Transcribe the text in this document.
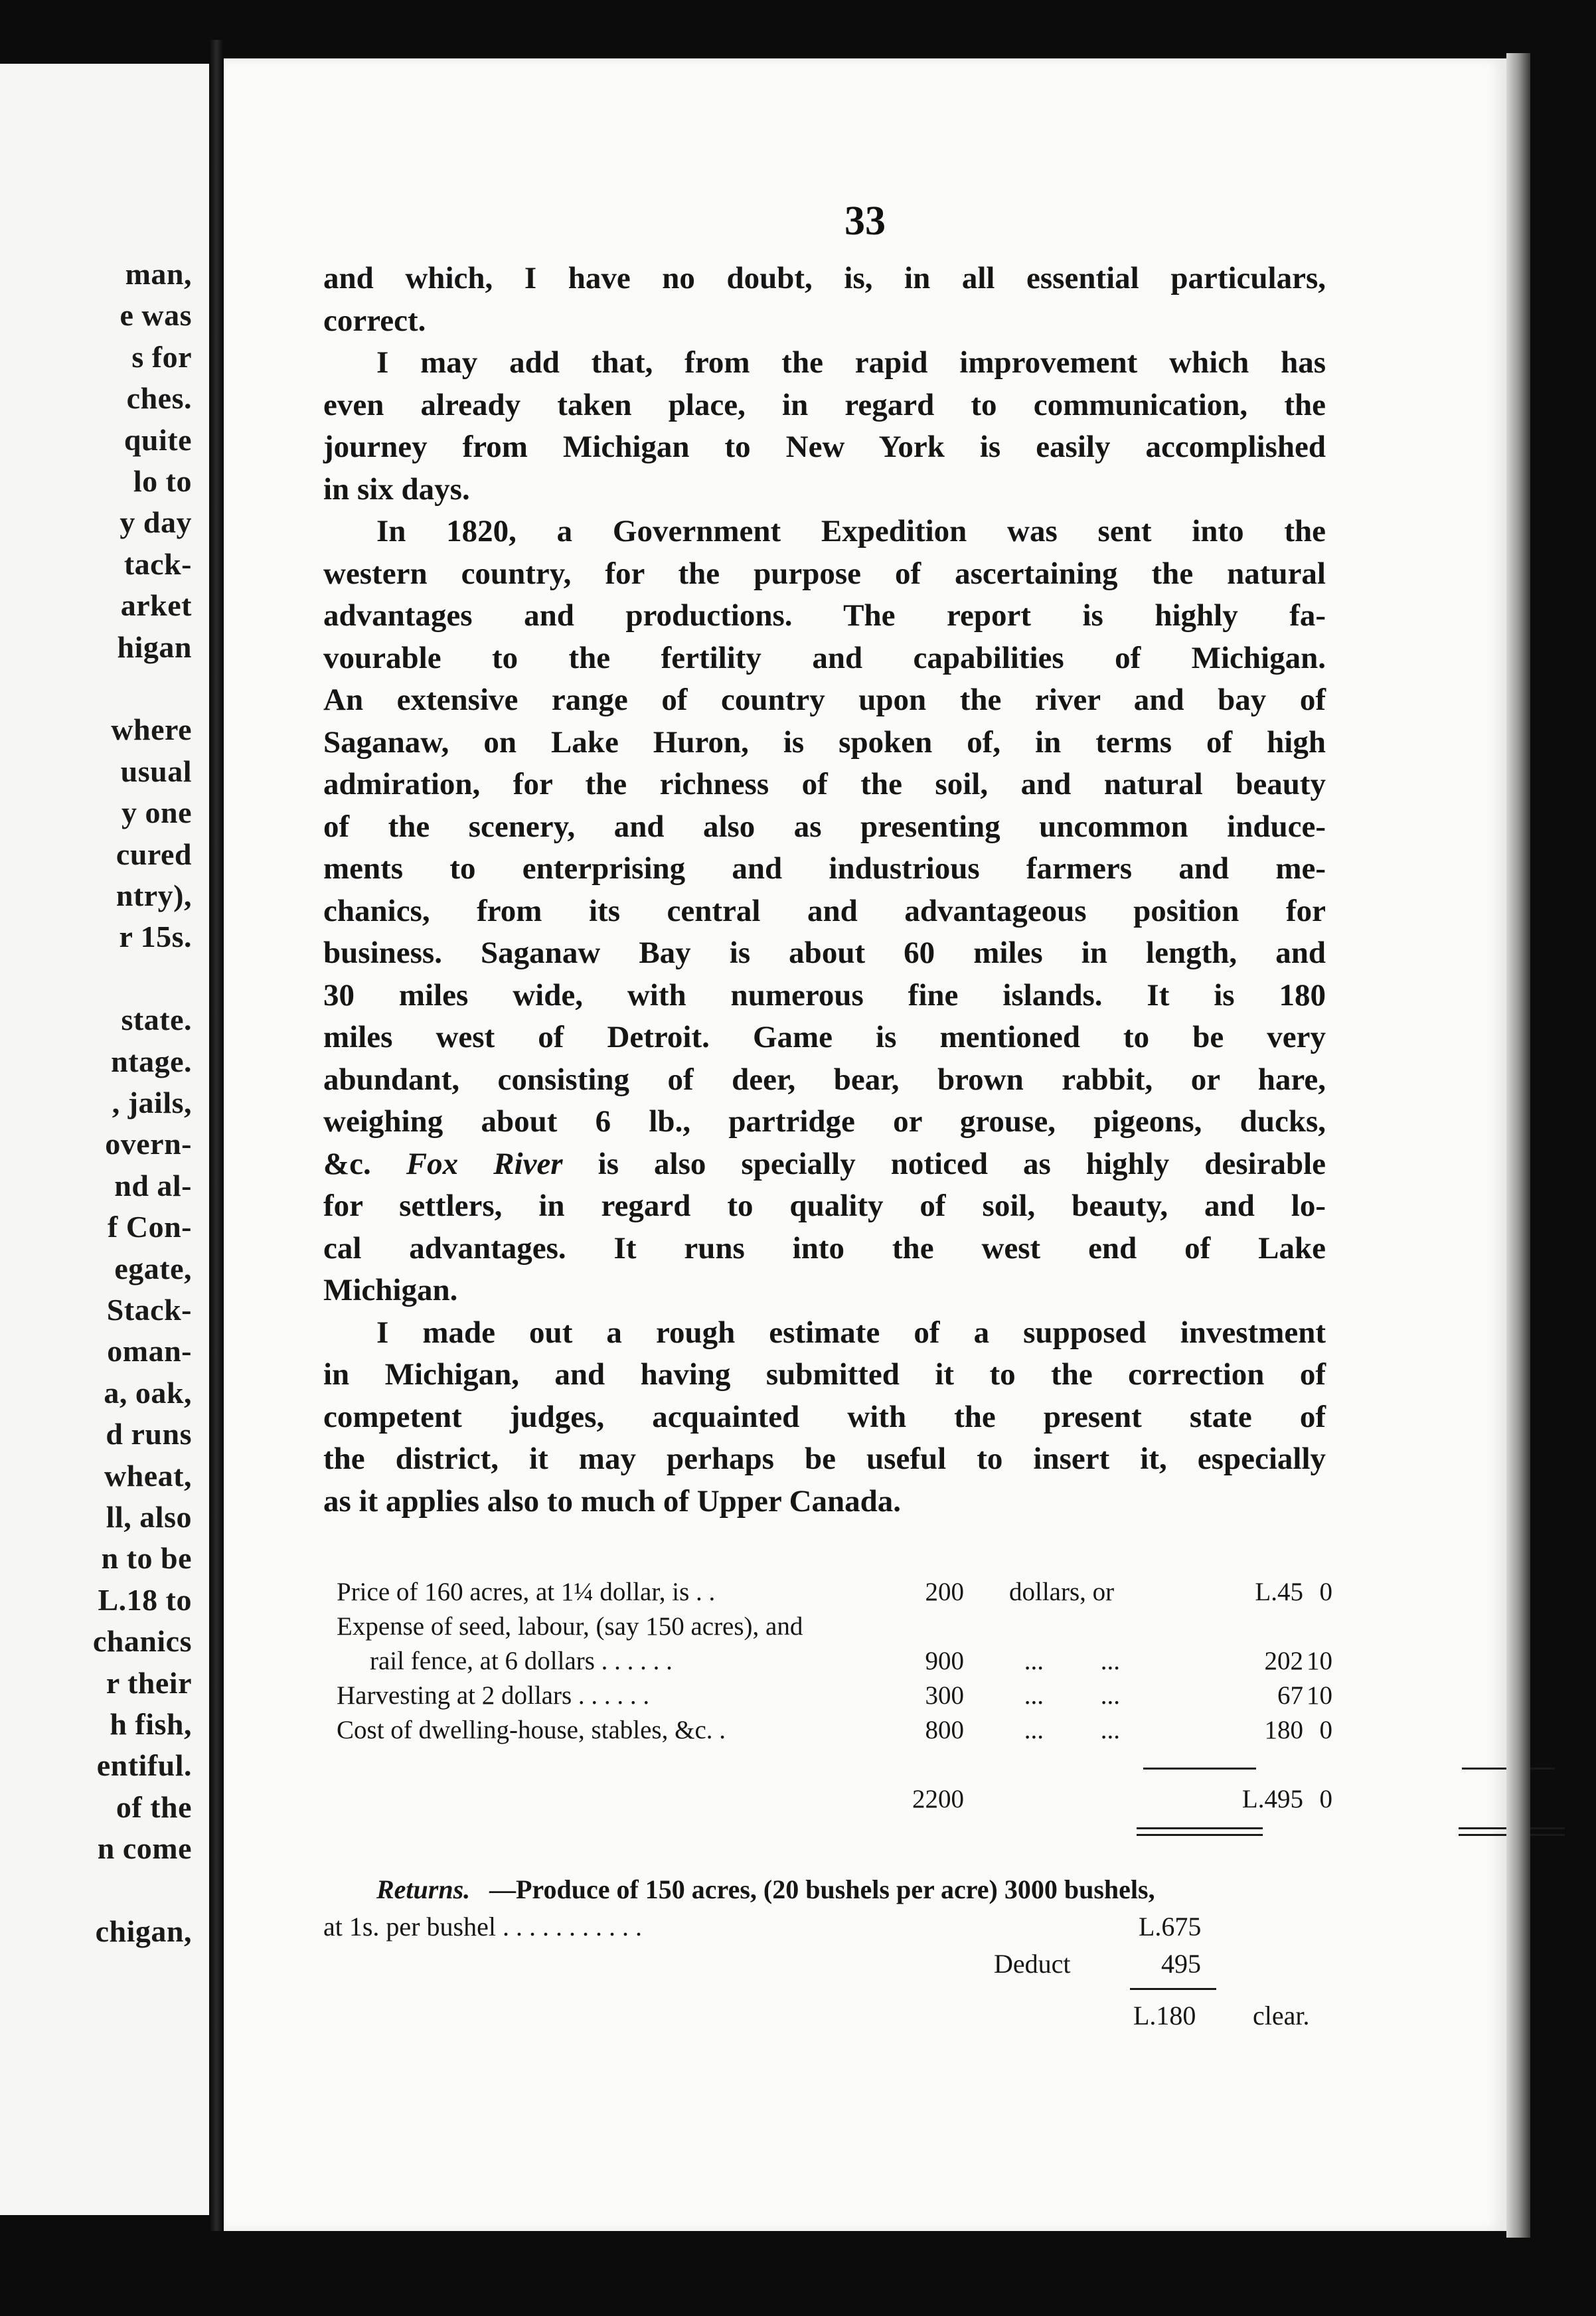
man,
e was
s for
ches.
quite
lo to
y day
tack-
arket
higan
where
usual
y one
cured
ntry),
r 15s.
state.
ntage.
, jails,
overn-
nd al-
f Con-
egate,
Stack-
oman-
a, oak,
d runs
wheat,
ll, also
n to be
L.18 to
chanics
r their
h fish,
entiful.
of the
n come
chigan,
33

and which, I have no doubt, is, in all essential particulars,
correct.

I may add that, from the rapid improvement which has
even already taken place, in regard to communication, the
journey from Michigan to New York is easily accomplished
in six days.

In 1820, a Government Expedition was sent into the
western country, for the purpose of ascertaining the natural
advantages and productions. The report is highly fa-
vourable to the fertility and capabilities of Michigan.
An extensive range of country upon the river and bay of
Saganaw, on Lake Huron, is spoken of, in terms of high
admiration, for the richness of the soil, and natural beauty
of the scenery, and also as presenting uncommon induce-
ments to enterprising and industrious farmers and me-
chanics, from its central and advantageous position for
business. Saganaw Bay is about 60 miles in length, and
30 miles wide, with numerous fine islands. It is 180
miles west of Detroit. Game is mentioned to be very
abundant, consisting of deer, bear, brown rabbit, or hare,
weighing about 6 lb., partridge or grouse, pigeons, ducks,
&c. Fox River is also specially noticed as highly desirable
for settlers, in regard to quality of soil, beauty, and lo-
cal advantages. It runs into the west end of Lake
Michigan.

I made out a rough estimate of a supposed investment
in Michigan, and having submitted it to the correction of
competent judges, acquainted with the present state of
the district, it may perhaps be useful to insert it, especially
as it applies also to much of Upper Canada.

Price of 160 acres, at 1¼ dollar, is . .	200 dollars, or	L.45 0
Expense of seed, labour, (say 150 acres), and
rail fence, at 6 dollars . . . . . .	900 ... ...	202 10
Harvesting at 2 dollars . . . . . .	300 ... ...	67 10
Cost of dwelling-house, stables, &c. .	800 ... ...	180 0
2200	L.495 0
Returns. —Produce of 150 acres, (20 bushels per acre) 3000 bushels,
at 1s. per bushel . . . . . . . . . . .	L.675
Deduct	495
L.180 clear.
